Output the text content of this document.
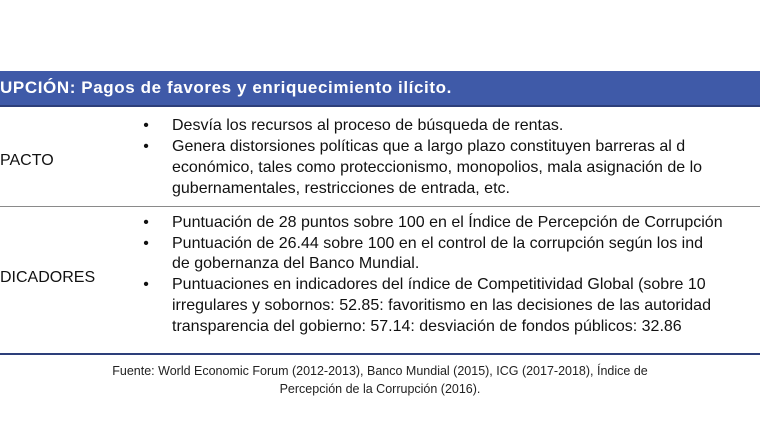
UPCIÓN: Pagos de favores y enriquecimiento ilícito.
PACTO
• Desvía los recursos al proceso de búsqueda de rentas.
• Genera distorsiones políticas que a largo plazo constituyen barreras al d
económico, tales como proteccionismo, monopolios, mala asignación de lo
gubernamentales, restricciones de entrada, etc.
DICADORES
• Puntuación de 28 puntos sobre 100 en el Índice de Percepción de Corrupción
• Puntuación de 26.44 sobre 100 en el control de la corrupción según los ind
de gobernanza del Banco Mundial.
• Puntuaciones en indicadores del índice de Competitividad Global (sobre 10
irregulares y sobornos: 52.85: favoritismo en las decisiones de las autoridad
transparencia del gobierno: 57.14: desviación de fondos públicos: 32.86
Fuente: World Economic Forum (2012-2013), Banco Mundial (2015), ICG (2017-2018), Índice de
Percepción de la Corrupción (2016).
